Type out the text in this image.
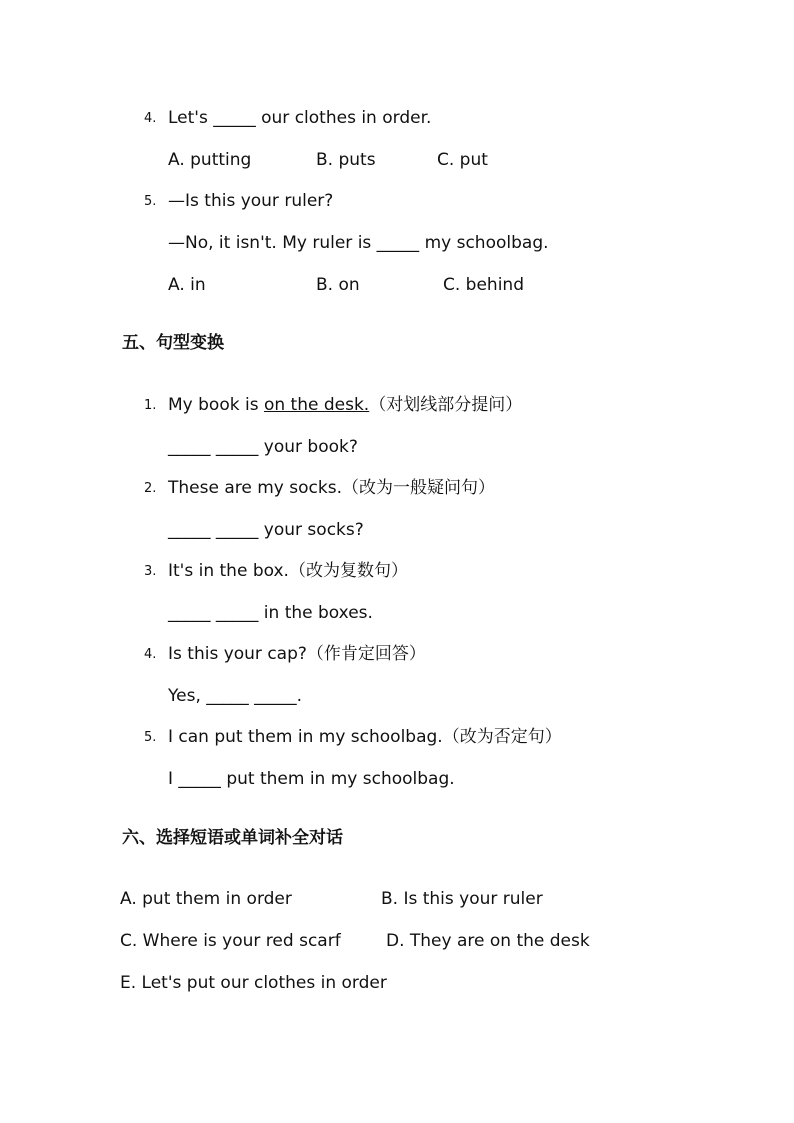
4. Let's _____ our clothes in order.
A. putting	B. puts	C. put
5. —Is this your ruler?
—No, it isn't. My ruler is _____ my schoolbag.
A. in	B. on	C. behind
五、句型变换
1. My book is on the desk.（对划线部分提问）
_____ _____ your book?
2. These are my socks.（改为一般疑问句）
_____ _____ your socks?
3. It's in the box.（改为复数句）
_____ _____ in the boxes.
4. Is this your cap?（作肯定回答）
Yes, _____ _____.
5. I can put them in my schoolbag.（改为否定句）
I _____ put them in my schoolbag.
六、选择短语或单词补全对话
A. put them in order	B. Is this your ruler
C. Where is your red scarf	D. They are on the desk
E. Let's put our clothes in order
